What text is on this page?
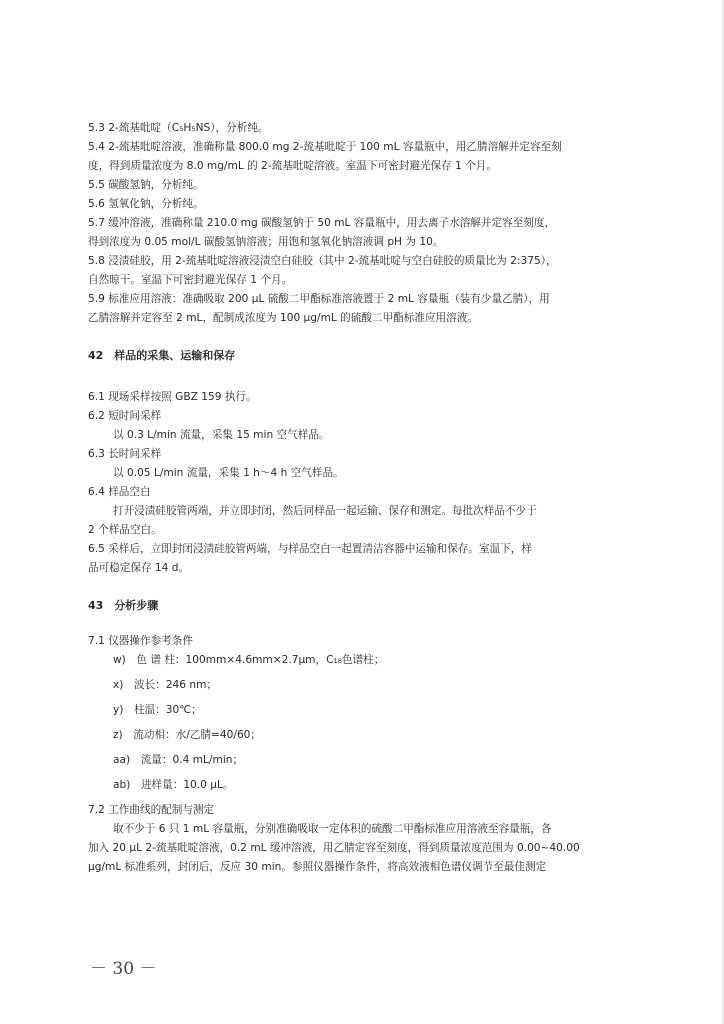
5.3 2-巯基吡啶（C₅H₅NS），分析纯。
5.4 2-巯基吡啶溶液，准确称量 800.0 mg 2-巯基吡啶于 100 mL 容量瓶中，用乙腈溶解并定容至刻
度，得到质量浓度为 8.0 mg/mL 的 2-巯基吡啶溶液。室温下可密封避光保存 1 个月。
5.5 碳酸氢钠，分析纯。
5.6 氢氧化钠，分析纯。
5.7 缓冲溶液，准确称量 210.0 mg 碳酸氢钠于 50 mL 容量瓶中，用去离子水溶解并定容至刻度，
得到浓度为 0.05 mol/L 碳酸氢钠溶液；用饱和氢氧化钠溶液调 pH 为 10。
5.8 浸渍硅胶，用 2-巯基吡啶溶液浸渍空白硅胶（其中 2-巯基吡啶与空白硅胶的质量比为 2:375），
自然晾干。室温下可密封避光保存 1 个月。
5.9 标准应用溶液：准确吸取 200 μL 硫酸二甲酯标准溶液置于 2 mL 容量瓶（装有少量乙腈），用
乙腈溶解并定容至 2 mL，配制成浓度为 100 μg/mL 的硫酸二甲酯标准应用溶液。
42　样品的采集、运输和保存
6.1 现场采样按照 GBZ 159 执行。
6.2 短时间采样
以 0.3 L/min 流量，采集 15 min 空气样品。
6.3 长时间采样
以 0.05 L/min 流量，采集 1 h～4 h 空气样品。
6.4 样品空白
打开浸渍硅胶管两端，并立即封闭，然后同样品一起运输、保存和测定。每批次样品不少于
2 个样品空白。
6.5 采样后，立即封闭浸渍硅胶管两端，与样品空白一起置清洁容器中运输和保存。室温下，样
品可稳定保存 14 d。
43　分析步骤
7.1 仪器操作参考条件
w)　色 谱 柱：100mm×4.6mm×2.7μm，C₁₈色谱柱；
x)　波长：246 nm；
y)　柱温：30℃；
z)　流动相：水/乙腈=40/60；
aa)　流量：0.4 mL/min；
ab)　进样量：10.0 μL。
7.2 工作曲线的配制与测定
取不少于 6 只 1 mL 容量瓶，分别准确吸取一定体积的硫酸二甲酯标准应用溶液至容量瓶，各
加入 20 μL 2-巯基吡啶溶液，0.2 mL 缓冲溶液，用乙腈定容至刻度，得到质量浓度范围为 0.00~40.00
μg/mL 标准系列，封闭后，反应 30 min。参照仪器操作条件，将高效液相色谱仪调节至最佳测定
－ 30 －
